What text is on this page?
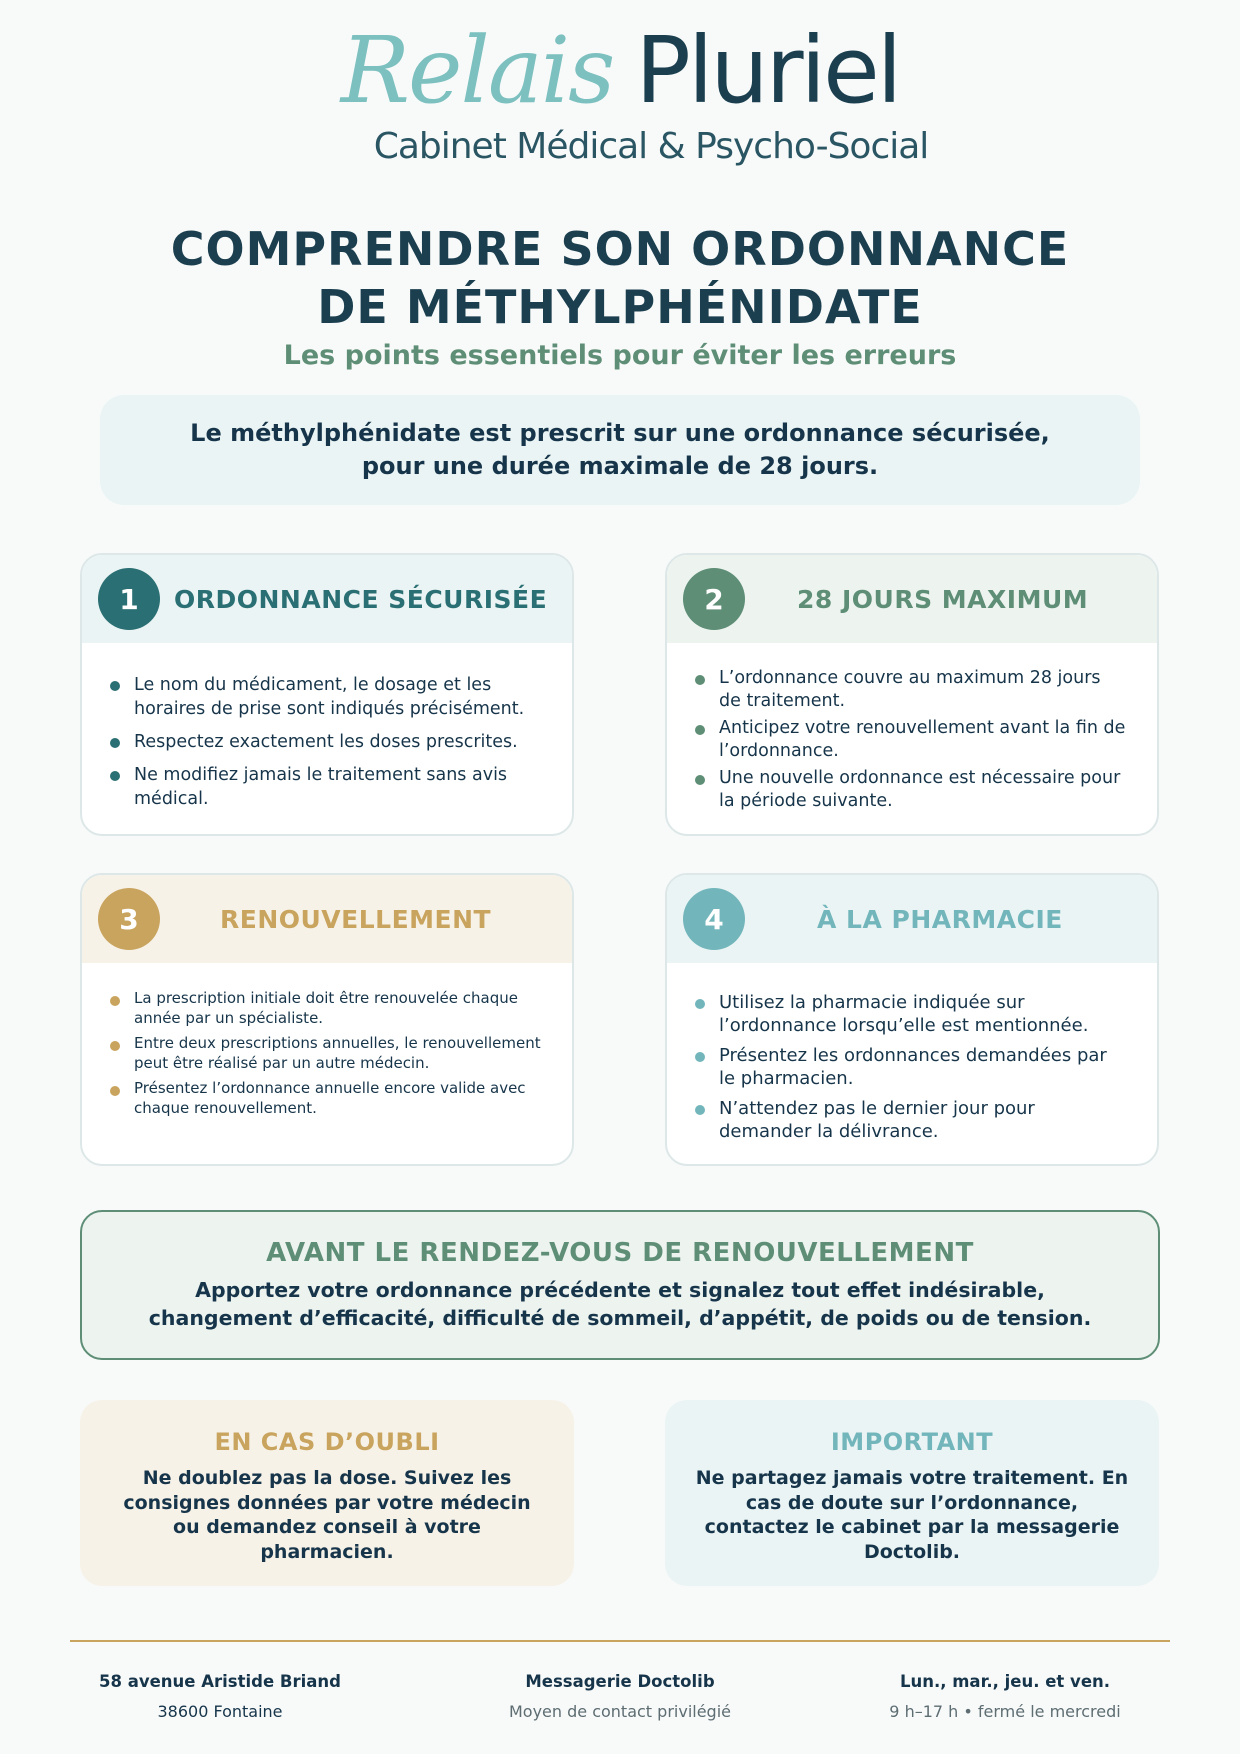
Relais Pluriel
Cabinet Médical & Psycho-Social
COMPRENDRE SON ORDONNANCE
DE MÉTHYLPHÉNIDATE
Les points essentiels pour éviter les erreurs
Le méthylphénidate est prescrit sur une ordonnance sécurisée,
pour une durée maximale de 28 jours.
1	ORDONNANCE SÉCURISÉE
Le nom du médicament, le dosage et les horaires de prise sont indiqués précisément.
Respectez exactement les doses prescrites.
Ne modifiez jamais le traitement sans avis médical.
2	28 JOURS MAXIMUM
L’ordonnance couvre au maximum 28 jours de traitement.
Anticipez votre renouvellement avant la fin de l’ordonnance.
Une nouvelle ordonnance est nécessaire pour la période suivante.
3	RENOUVELLEMENT
La prescription initiale doit être renouvelée chaque année par un spécialiste.
Entre deux prescriptions annuelles, le renouvellement peut être réalisé par un autre médecin.
Présentez l’ordonnance annuelle encore valide avec chaque renouvellement.
4	À LA PHARMACIE
Utilisez la pharmacie indiquée sur l’ordonnance lorsqu’elle est mentionnée.
Présentez les ordonnances demandées par le pharmacien.
N’attendez pas le dernier jour pour demander la délivrance.
AVANT LE RENDEZ-VOUS DE RENOUVELLEMENT
Apportez votre ordonnance précédente et signalez tout effet indésirable,
changement d’efficacité, difficulté de sommeil, d’appétit, de poids ou de tension.
EN CAS D’OUBLI
Ne doublez pas la dose. Suivez les consignes données par votre médecin ou demandez conseil à votre pharmacien.
IMPORTANT
Ne partagez jamais votre traitement. En cas de doute sur l’ordonnance, contactez le cabinet par la messagerie Doctolib.
58 avenue Aristide Briand
38600 Fontaine
Messagerie Doctolib
Moyen de contact privilégié
Lun., mar., jeu. et ven.
9 h–17 h • fermé le mercredi
